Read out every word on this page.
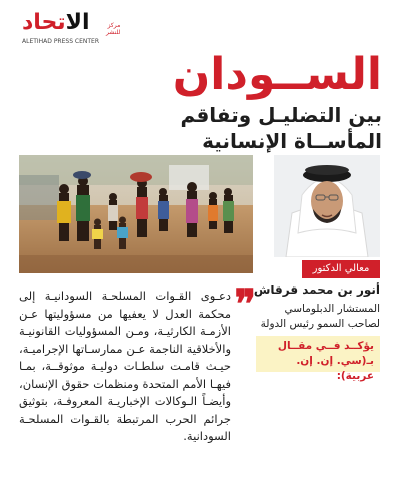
الاتحاد
ALETIHAD PRESS CENTER
مركز
للنشر
الســودان
بين التضليـل وتفاقم
المأســاة الإنسانية
معالي الدكتور
أنور بن محمد قرقاش
المستشار الدبلوماسي
لصاحب السمو رئيس الدولة
يؤكــد فــي مقــال
بـ(سي. إن. إن. عربية):
❞
دعـوى القـوات المسلحـة السودانيـة إلى محكمة العدل لا يعفيها من مسؤوليتها عـن الأزمـة الكارثيـة، ومـن المسؤوليات القانونيـة والأخلاقية الناجمة عـن ممارسـاتها الإجراميـة، حيـث قامـت سلطـات دوليـة موثوقــة، بمـا فيهـا الأمم المتحدة ومنظمات حقوق الإنسان، وأيضـاً الـوكالات الإخباريـة المعروفـة، بتوثيق جرائم الحرب المرتبطة بالقـوات المسلحـة السودانية.
